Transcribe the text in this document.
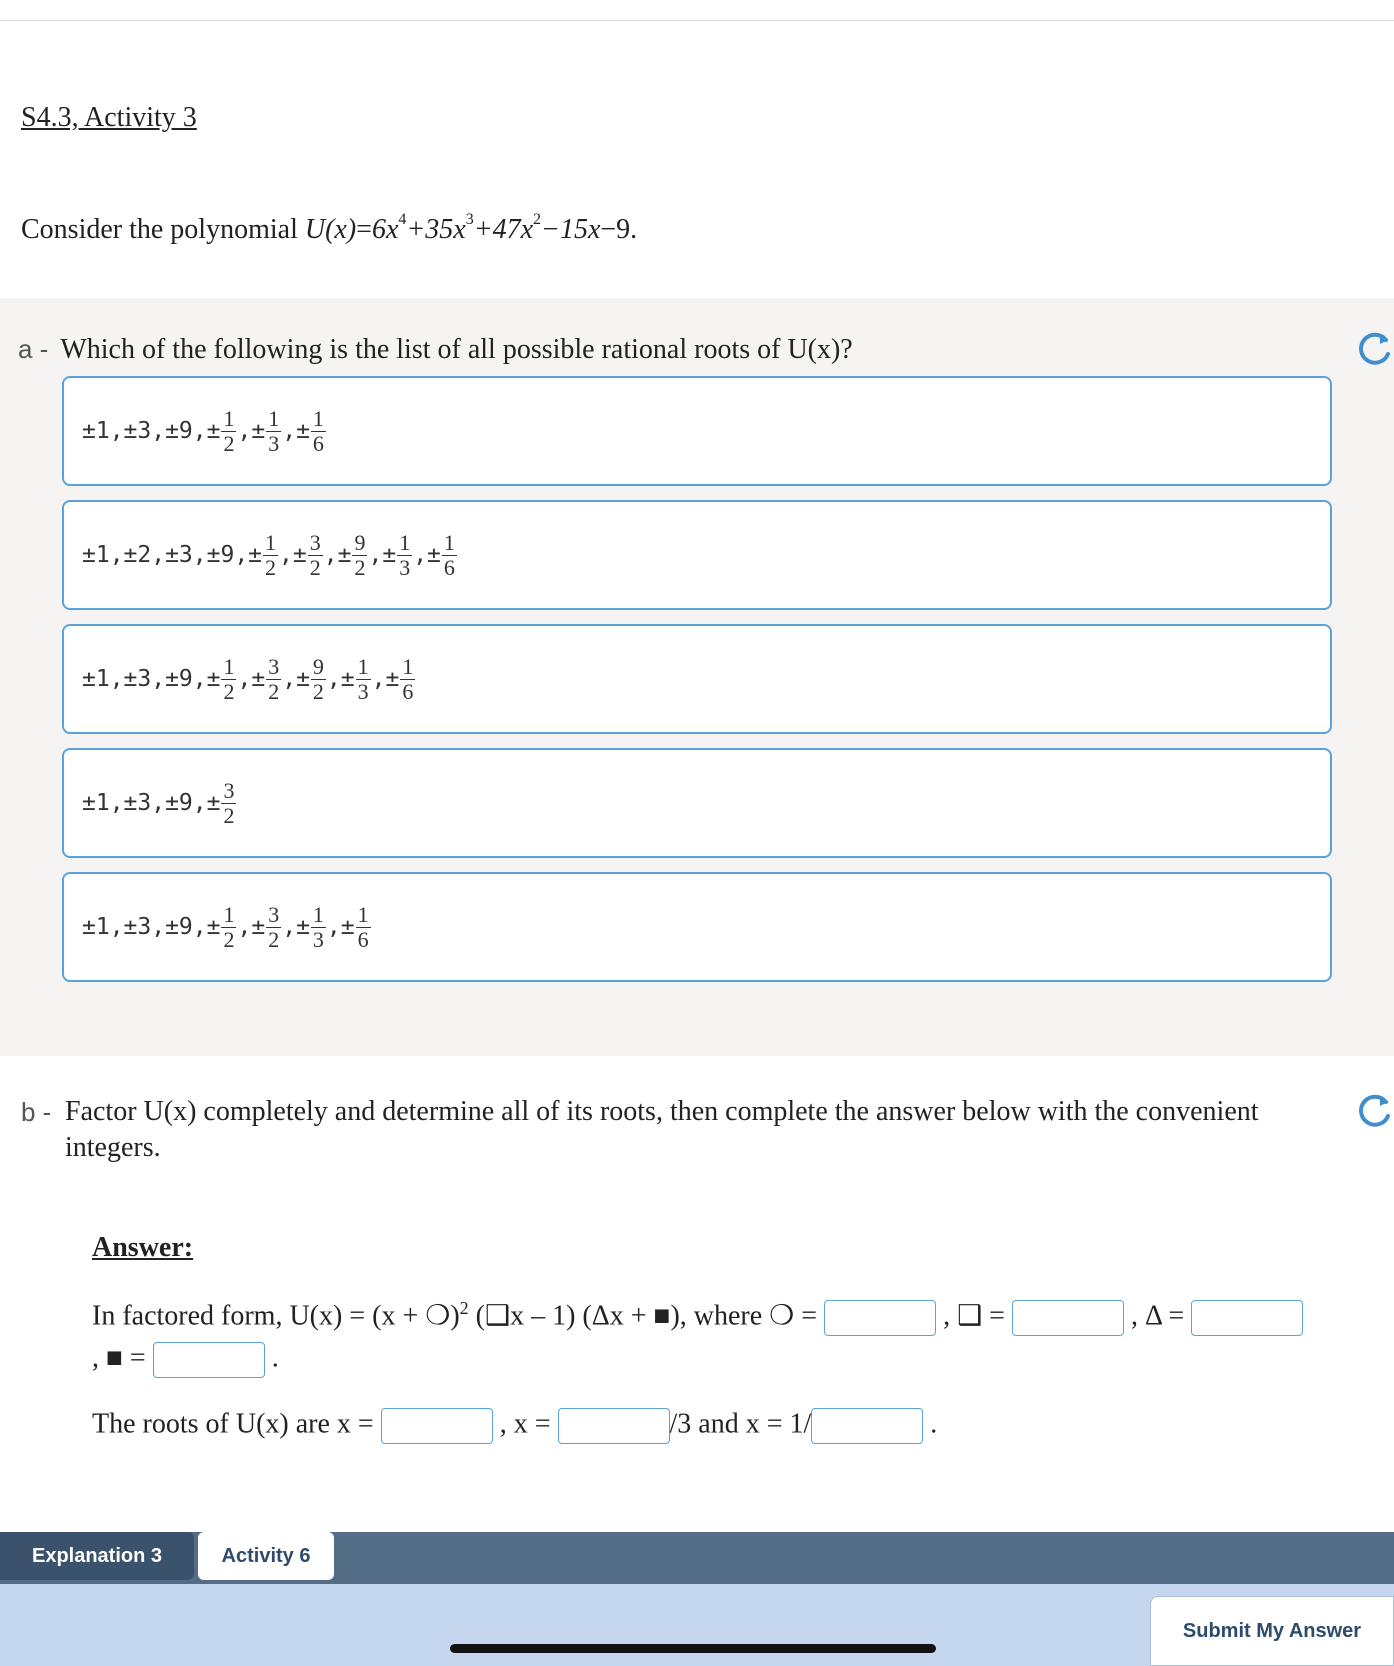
S4.3, Activity 3
Consider the polynomial $U(x)=6x^4+35x^3+47x^2-15x-9$.
a - Which of the following is the list of all possible rational roots of U(x)?
±1,±3,±9, ± $\frac{1}{2}$ , ± $\frac{1}{3}$ , ± $\frac{1}{6}$
±1,±2,±3,±9, ± $\frac{1}{2}$ , ± $\frac{3}{2}$ , ± $\frac{9}{2}$ , ± $\frac{1}{3}$ , ± $\frac{1}{6}$
±1,±3,±9, ± $\frac{1}{2}$ , ± $\frac{3}{2}$ , ± $\frac{9}{2}$ , ± $\frac{1}{3}$ , ± $\frac{1}{6}$
±1,±3,±9, ± $\frac{3}{2}$
±1,±3,±9, ± $\frac{1}{2}$ , ± $\frac{3}{2}$ , ± $\frac{1}{3}$ , ± $\frac{1}{6}$
b - Factor U(x) completely and determine all of its roots, then complete the answer below with the convenient
integers.
Answer:
In factored form, U(x) = (x + ❍)$^2$ (❑x – 1) (Δx + ■), where ❍ =	, ❑ =	, Δ =
, ■ =	.
The roots of U(x) are x =	, x =	/3 and x = 1/	.
Explanation 3	Activity 6
Submit My Answer
